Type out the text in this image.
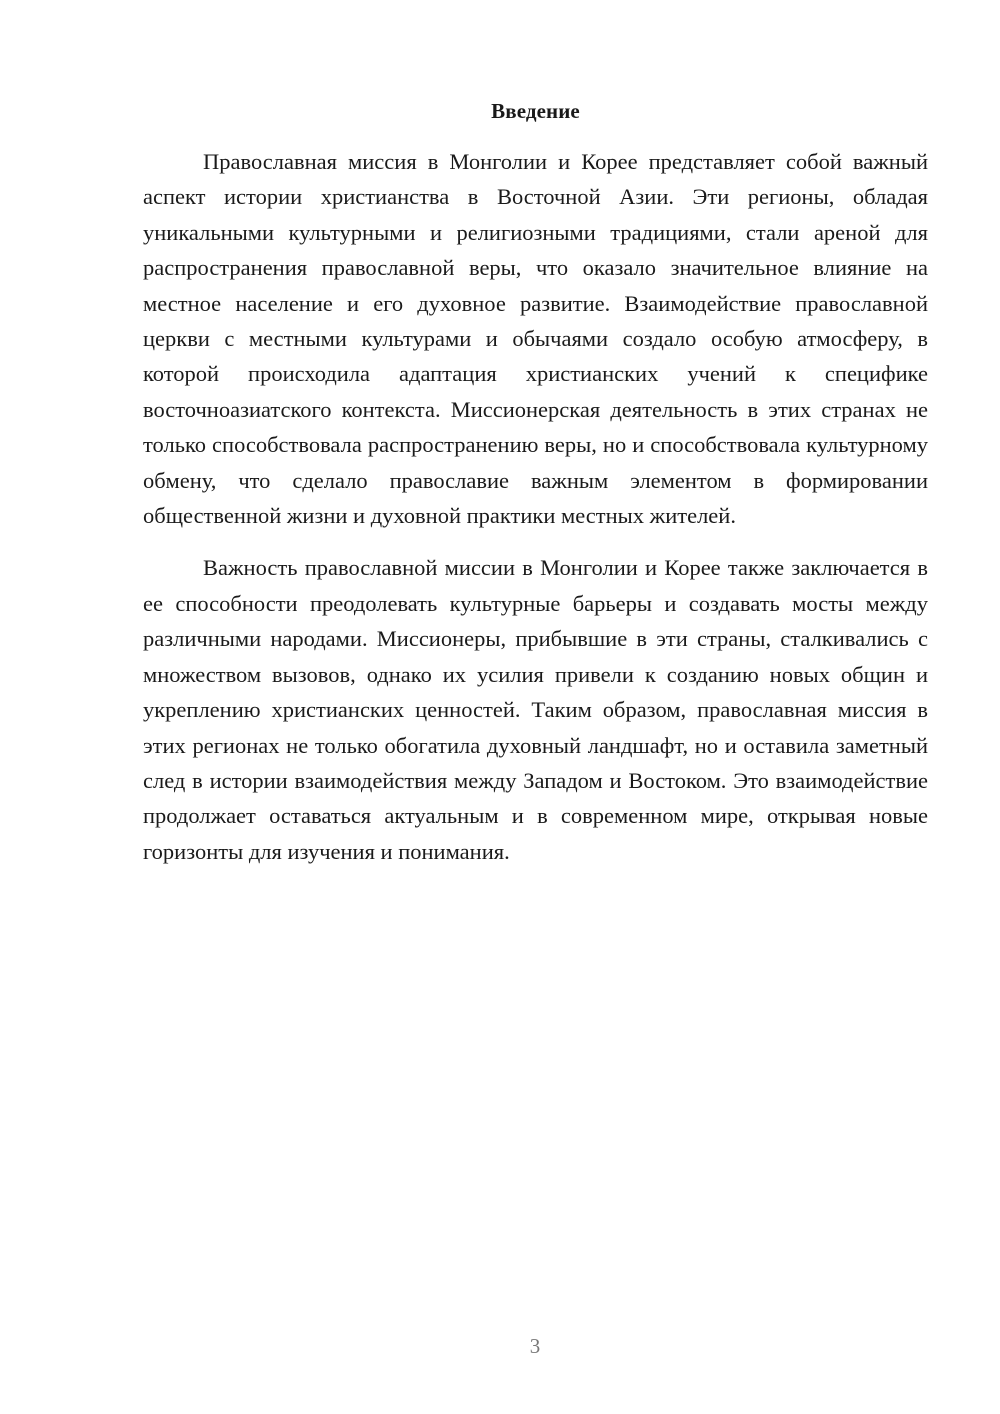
Введение

Православная миссия в Монголии и Корее представляет собой важный аспект истории христианства в Восточной Азии. Эти регионы, обладая уникальными культурными и религиозными традициями, стали ареной для распространения православной веры, что оказало значительное влияние на местное население и его духовное развитие. Взаимодействие православной церкви с местными культурами и обычаями создало особую атмосферу, в которой происходила адаптация христианских учений к специфике восточноазиатского контекста. Миссионерская деятельность в этих странах не только способствовала распространению веры, но и способствовала культурному обмену, что сделало православие важным элементом в формировании общественной жизни и духовной практики местных жителей.

Важность православной миссии в Монголии и Корее также заключается в ее способности преодолевать культурные барьеры и создавать мосты между различными народами. Миссионеры, прибывшие в эти страны, сталкивались с множеством вызовов, однако их усилия привели к созданию новых общин и укреплению христианских ценностей. Таким образом, православная миссия в этих регионах не только обогатила духовный ландшафт, но и оставила заметный след в истории взаимодействия между Западом и Востоком. Это взаимодействие продолжает оставаться актуальным и в современном мире, открывая новые горизонты для изучения и понимания.

3
